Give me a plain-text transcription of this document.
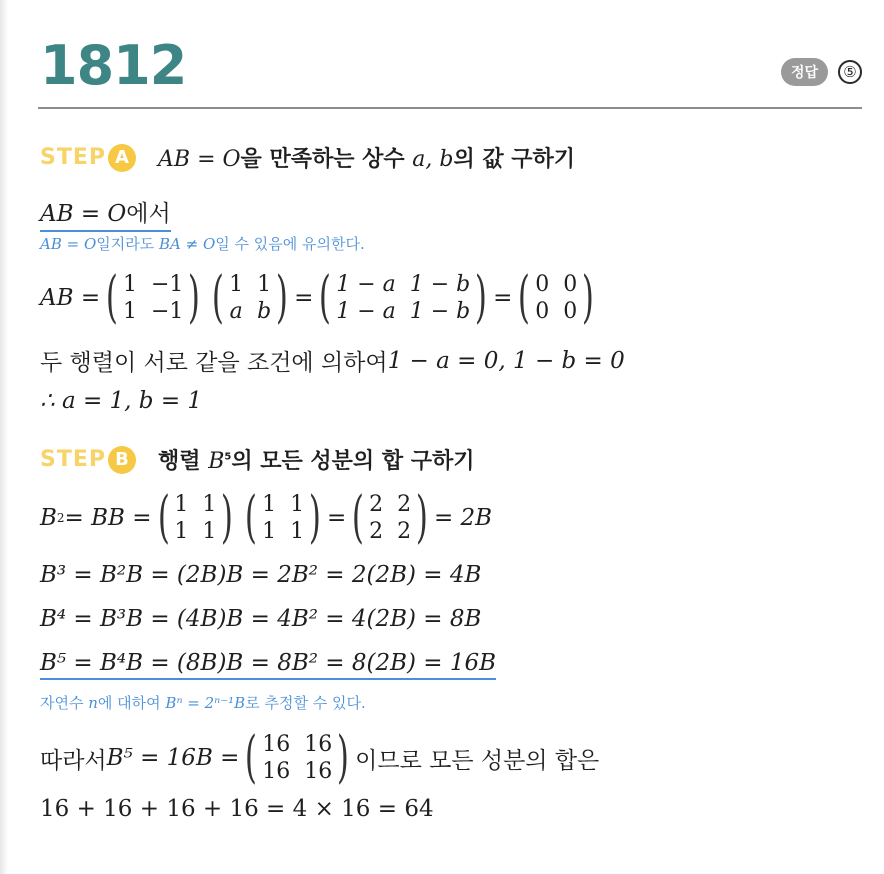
1812	정답	⑤
STEP A	AB = O을 만족하는 상수 a, b의 값 구하기
AB = O에서
AB = O일지라도 BA ≠ O일 수 있음에 유의한다.
AB = ( 1 −1
1 −1 ) ( 1 1
a b ) = ( 1 − a 1 − b
1 − a 1 − b ) = ( 0 0
0 0 )
두 행렬이 서로 같을 조건에 의하여 1 − a = 0, 1 − b = 0
∴ a = 1, b = 1
STEP B	행렬 $B^5$의 모든 성분의 합 구하기
B 2 = BB = ( 1 1
1 1 ) ( 1 1
1 1 ) = ( 2 2
2 2 ) = 2B
B³ = B²B = (2B)B = 2B² = 2(2B) = 4B
B⁴ = B³B = (4B)B = 4B² = 4(2B) = 8B
B⁵ = B⁴B = (8B)B = 8B² = 8(2B) = 16B
자연수 n에 대하여 Bⁿ = 2ⁿ⁻¹B로 추정할 수 있다.
따라서 B⁵ = 16B = ( 16 16
16 16 ) 이므로 모든 성분의 합은
16 + 16 + 16 + 16 = 4 × 16 = 64
